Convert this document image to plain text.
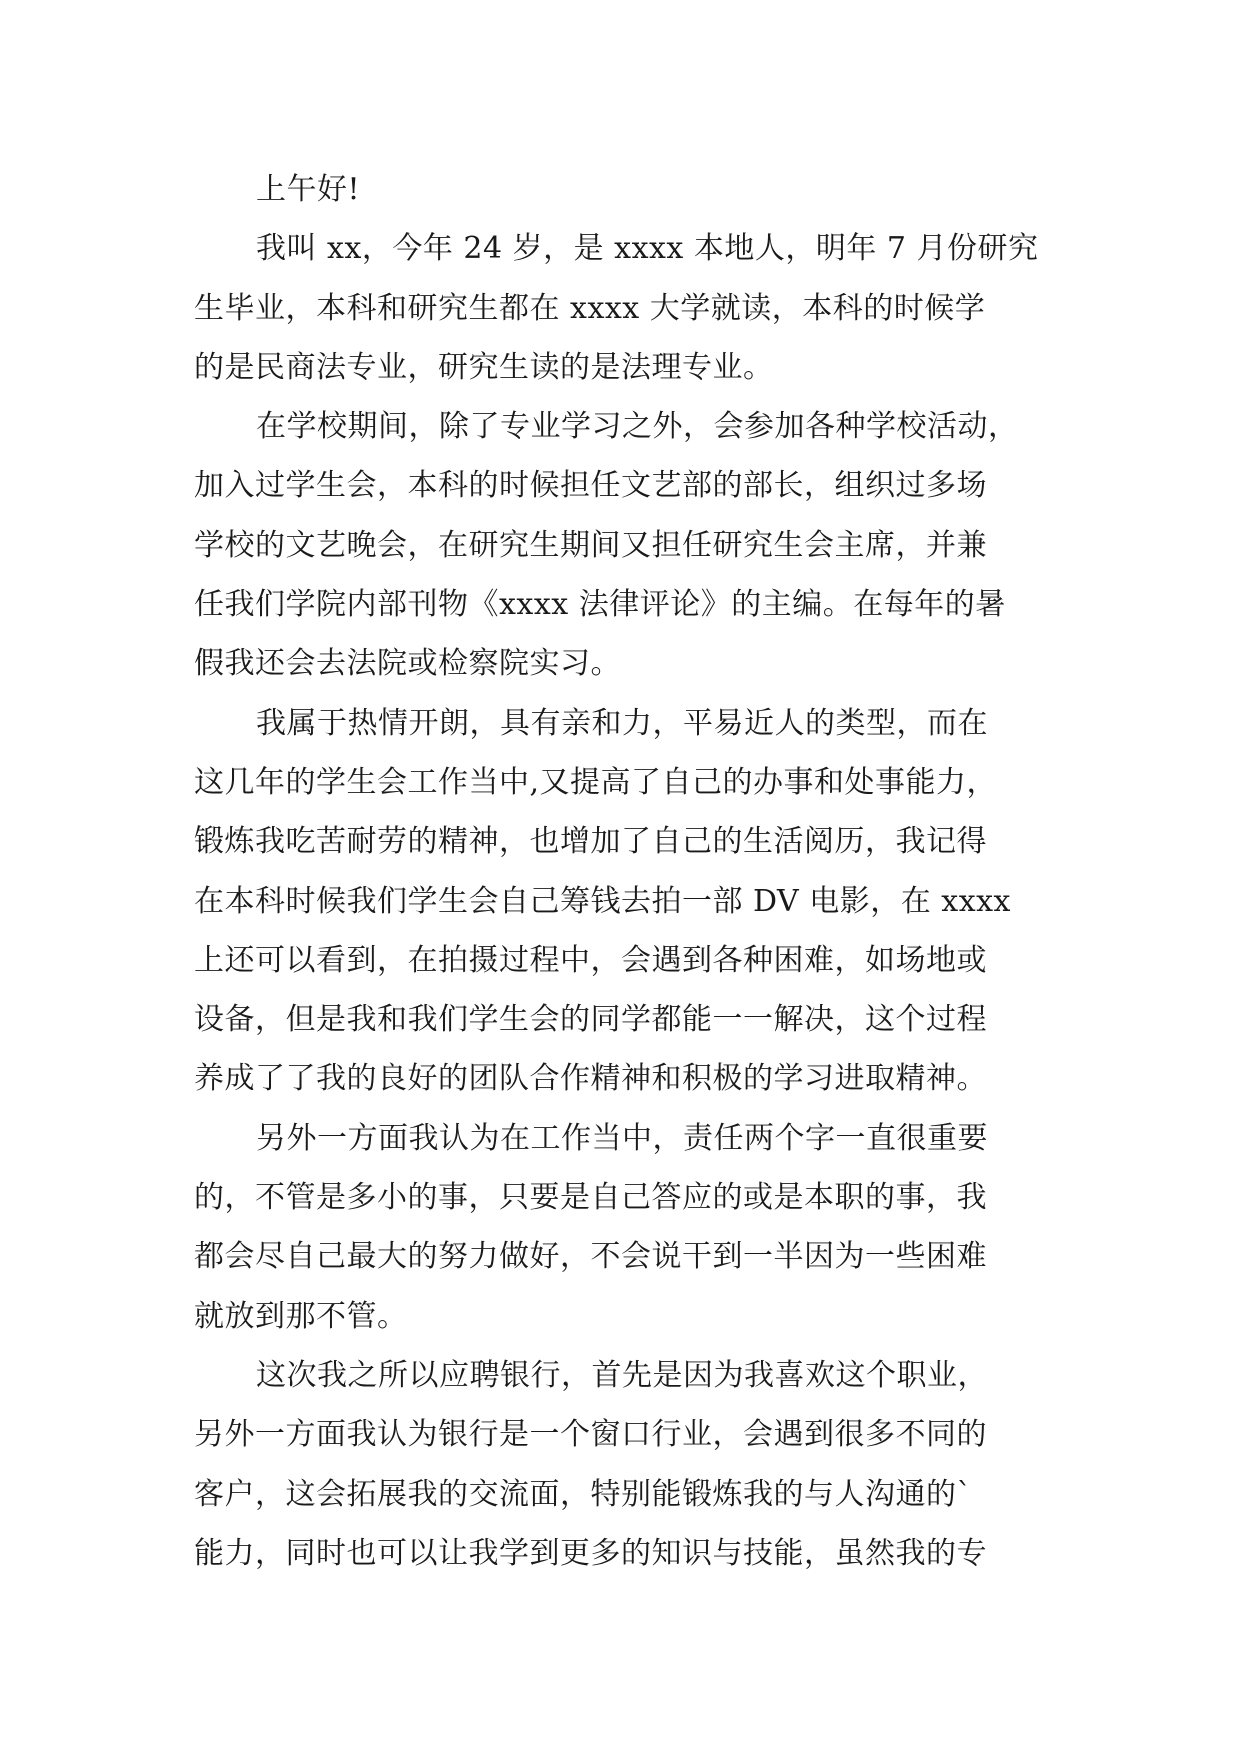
上午好!
我叫 xx，今年 24 岁，是 xxxx 本地人，明年 7 月份研究
生毕业，本科和研究生都在 xxxx 大学就读，本科的时候学
的是民商法专业，研究生读的是法理专业。
在学校期间，除了专业学习之外，会参加各种学校活动，
加入过学生会，本科的时候担任文艺部的部长，组织过多场
学校的文艺晚会，在研究生期间又担任研究生会主席，并兼
任我们学院内部刊物《xxxx 法律评论》的主编。在每年的暑
假我还会去法院或检察院实习。
我属于热情开朗，具有亲和力，平易近人的类型，而在
这几年的学生会工作当中,又提高了自己的办事和处事能力，
锻炼我吃苦耐劳的精神，也增加了自己的生活阅历，我记得
在本科时候我们学生会自己筹钱去拍一部 DV 电影，在 xxxx
上还可以看到，在拍摄过程中，会遇到各种困难，如场地或
设备，但是我和我们学生会的同学都能一一解决，这个过程
养成了了我的良好的团队合作精神和积极的学习进取精神。
另外一方面我认为在工作当中，责任两个字一直很重要
的，不管是多小的事，只要是自己答应的或是本职的事，我
都会尽自己最大的努力做好，不会说干到一半因为一些困难
就放到那不管。
这次我之所以应聘银行，首先是因为我喜欢这个职业，
另外一方面我认为银行是一个窗口行业，会遇到很多不同的
客户，这会拓展我的交流面，特别能锻炼我的与人沟通的`
能力，同时也可以让我学到更多的知识与技能，虽然我的专
